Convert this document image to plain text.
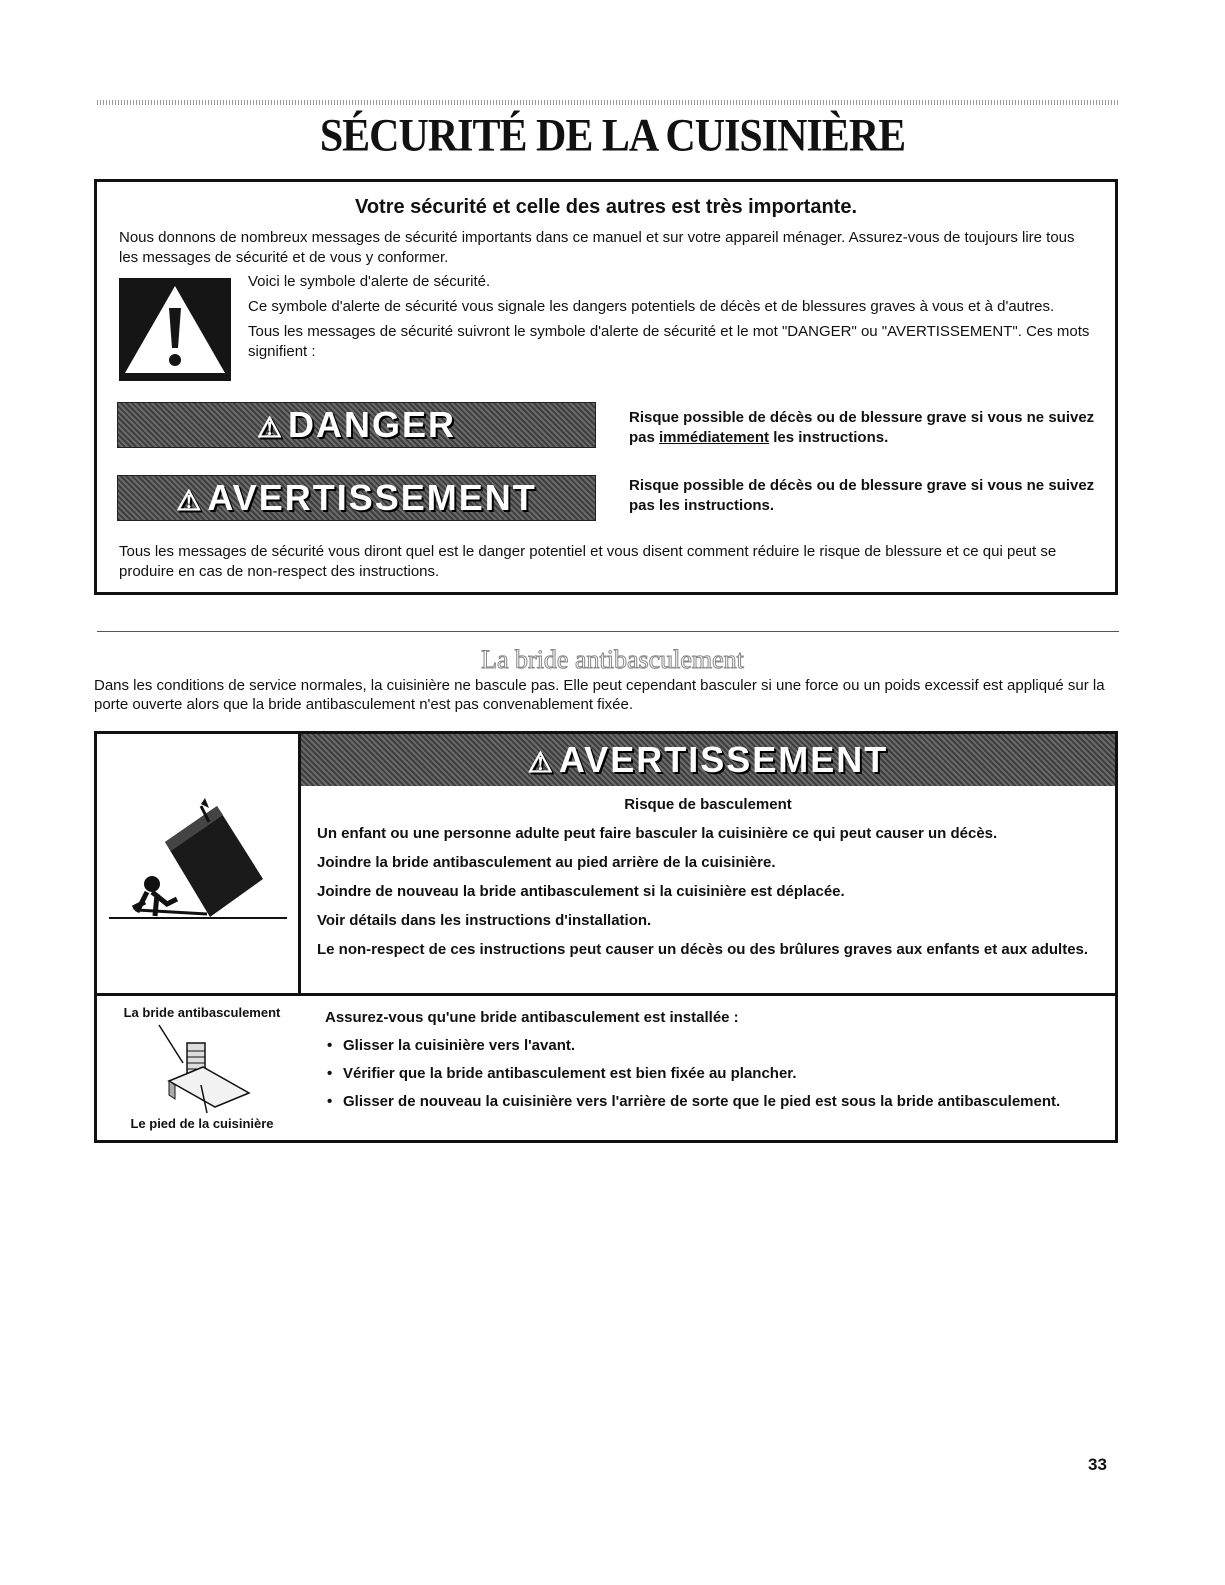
SÉCURITÉ DE LA CUISINIÈRE
Votre sécurité et celle des autres est très importante.
Nous donnons de nombreux messages de sécurité importants dans ce manuel et sur votre appareil ménager. Assurez-vous de toujours lire tous les messages de sécurité et de vous y conformer.

Voici le symbole d'alerte de sécurité.

Ce symbole d'alerte de sécurité vous signale les dangers potentiels de décès et de blessures graves à vous et à d'autres.

Tous les messages de sécurité suivront le symbole d'alerte de sécurité et le mot "DANGER" ou "AVERTISSEMENT". Ces mots signifient :

⚠ DANGER	Risque possible de décès ou de blessure grave si vous ne suivez pas immédiatement les instructions.
⚠ AVERTISSEMENT	Risque possible de décès ou de blessure grave si vous ne suivez pas les instructions.
Tous les messages de sécurité vous diront quel est le danger potentiel et vous disent comment réduire le risque de blessure et ce qui peut se produire en cas de non-respect des instructions.
La bride antibasculement
Dans les conditions de service normales, la cuisinière ne bascule pas. Elle peut cependant basculer si une force ou un poids excessif est appliqué sur la porte ouverte alors que la bride antibasculement n'est pas convenablement fixée.
⚠ AVERTISSEMENT
Risque de basculement

Un enfant ou une personne adulte peut faire basculer la cuisinière ce qui peut causer un décès.

Joindre la bride antibasculement au pied arrière de la cuisinière.

Joindre de nouveau la bride antibasculement si la cuisinière est déplacée.

Voir détails dans les instructions d'installation.

Le non-respect de ces instructions peut causer un décès ou des brûlures graves aux enfants et aux adultes.

La bride antibasculement
Le pied de la cuisinière

Assurez-vous qu'une bride antibasculement est installée :

• Glisser la cuisinière vers l'avant.
• Vérifier que la bride antibasculement est bien fixée au plancher.
• Glisser de nouveau la cuisinière vers l'arrière de sorte que le pied est sous la bride antibasculement.
33
